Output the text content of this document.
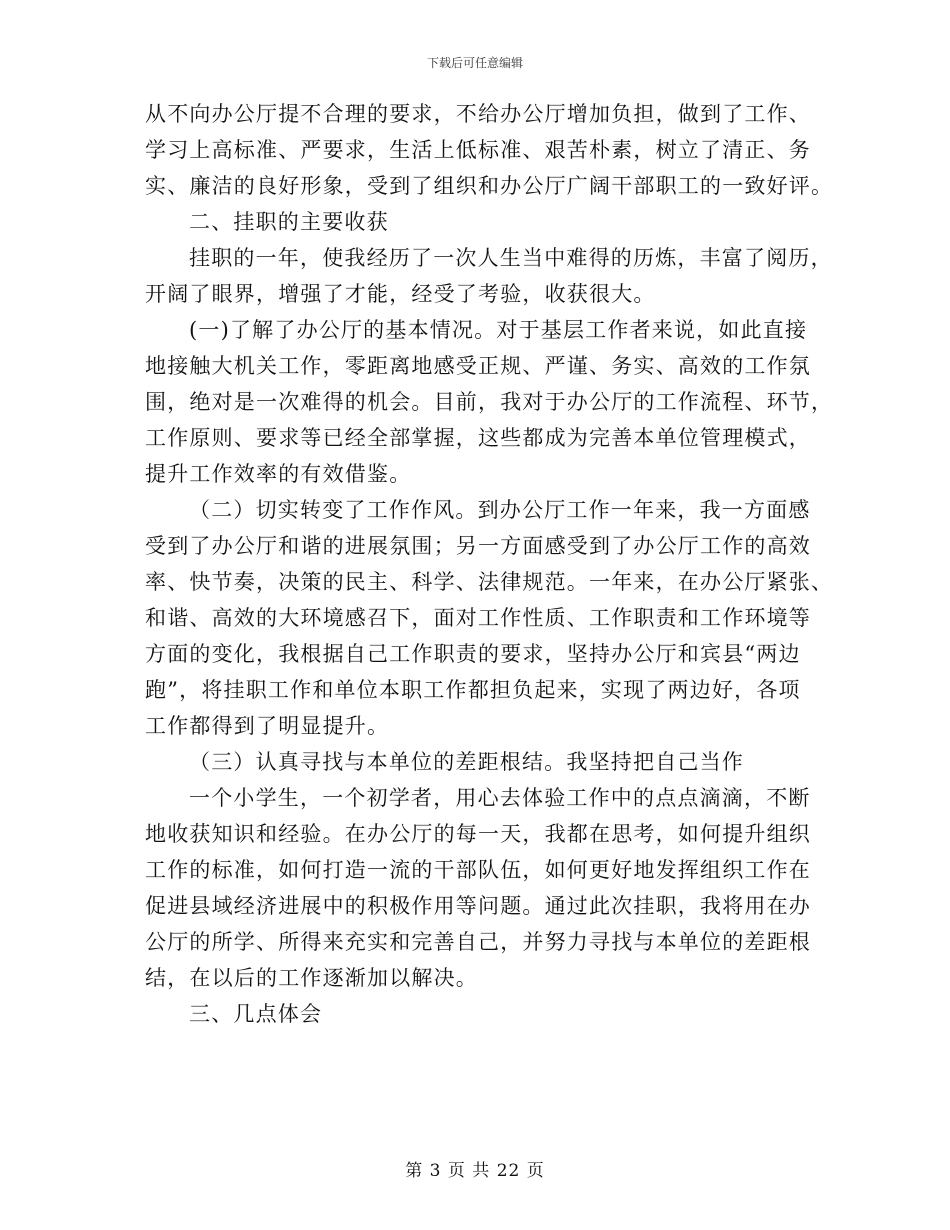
下载后可任意编辑
从不向办公厅提不合理的要求，不给办公厅增加负担，做到了工作、
学习上高标准、严要求，生活上低标准、艰苦朴素，树立了清正、务
实、廉洁的良好形象，受到了组织和办公厅广阔干部职工的一致好评。
二、挂职的主要收获
挂职的一年，使我经历了一次人生当中难得的历炼，丰富了阅历，
开阔了眼界，增强了才能，经受了考验，收获很大。
(一)了解了办公厅的基本情况。对于基层工作者来说，如此直接
地接触大机关工作，零距离地感受正规、严谨、务实、高效的工作氛
围，绝对是一次难得的机会。目前，我对于办公厅的工作流程、环节，
工作原则、要求等已经全部掌握，这些都成为完善本单位管理模式，
提升工作效率的有效借鉴。
（二）切实转变了工作作风。到办公厅工作一年来，我一方面感
受到了办公厅和谐的进展氛围；另一方面感受到了办公厅工作的高效
率、快节奏，决策的民主、科学、法律规范。一年来，在办公厅紧张、
和谐、高效的大环境感召下，面对工作性质、工作职责和工作环境等
方面的变化，我根据自己工作职责的要求，坚持办公厅和宾县“两边
跑”，将挂职工作和单位本职工作都担负起来，实现了两边好，各项
工作都得到了明显提升。
（三）认真寻找与本单位的差距根结。我坚持把自己当作
一个小学生，一个初学者，用心去体验工作中的点点滴滴，不断
地收获知识和经验。在办公厅的每一天，我都在思考，如何提升组织
工作的标准，如何打造一流的干部队伍，如何更好地发挥组织工作在
促进县域经济进展中的积极作用等问题。通过此次挂职，我将用在办
公厅的所学、所得来充实和完善自己，并努力寻找与本单位的差距根
结，在以后的工作逐渐加以解决。
三、几点体会
第 3 页 共 22 页
